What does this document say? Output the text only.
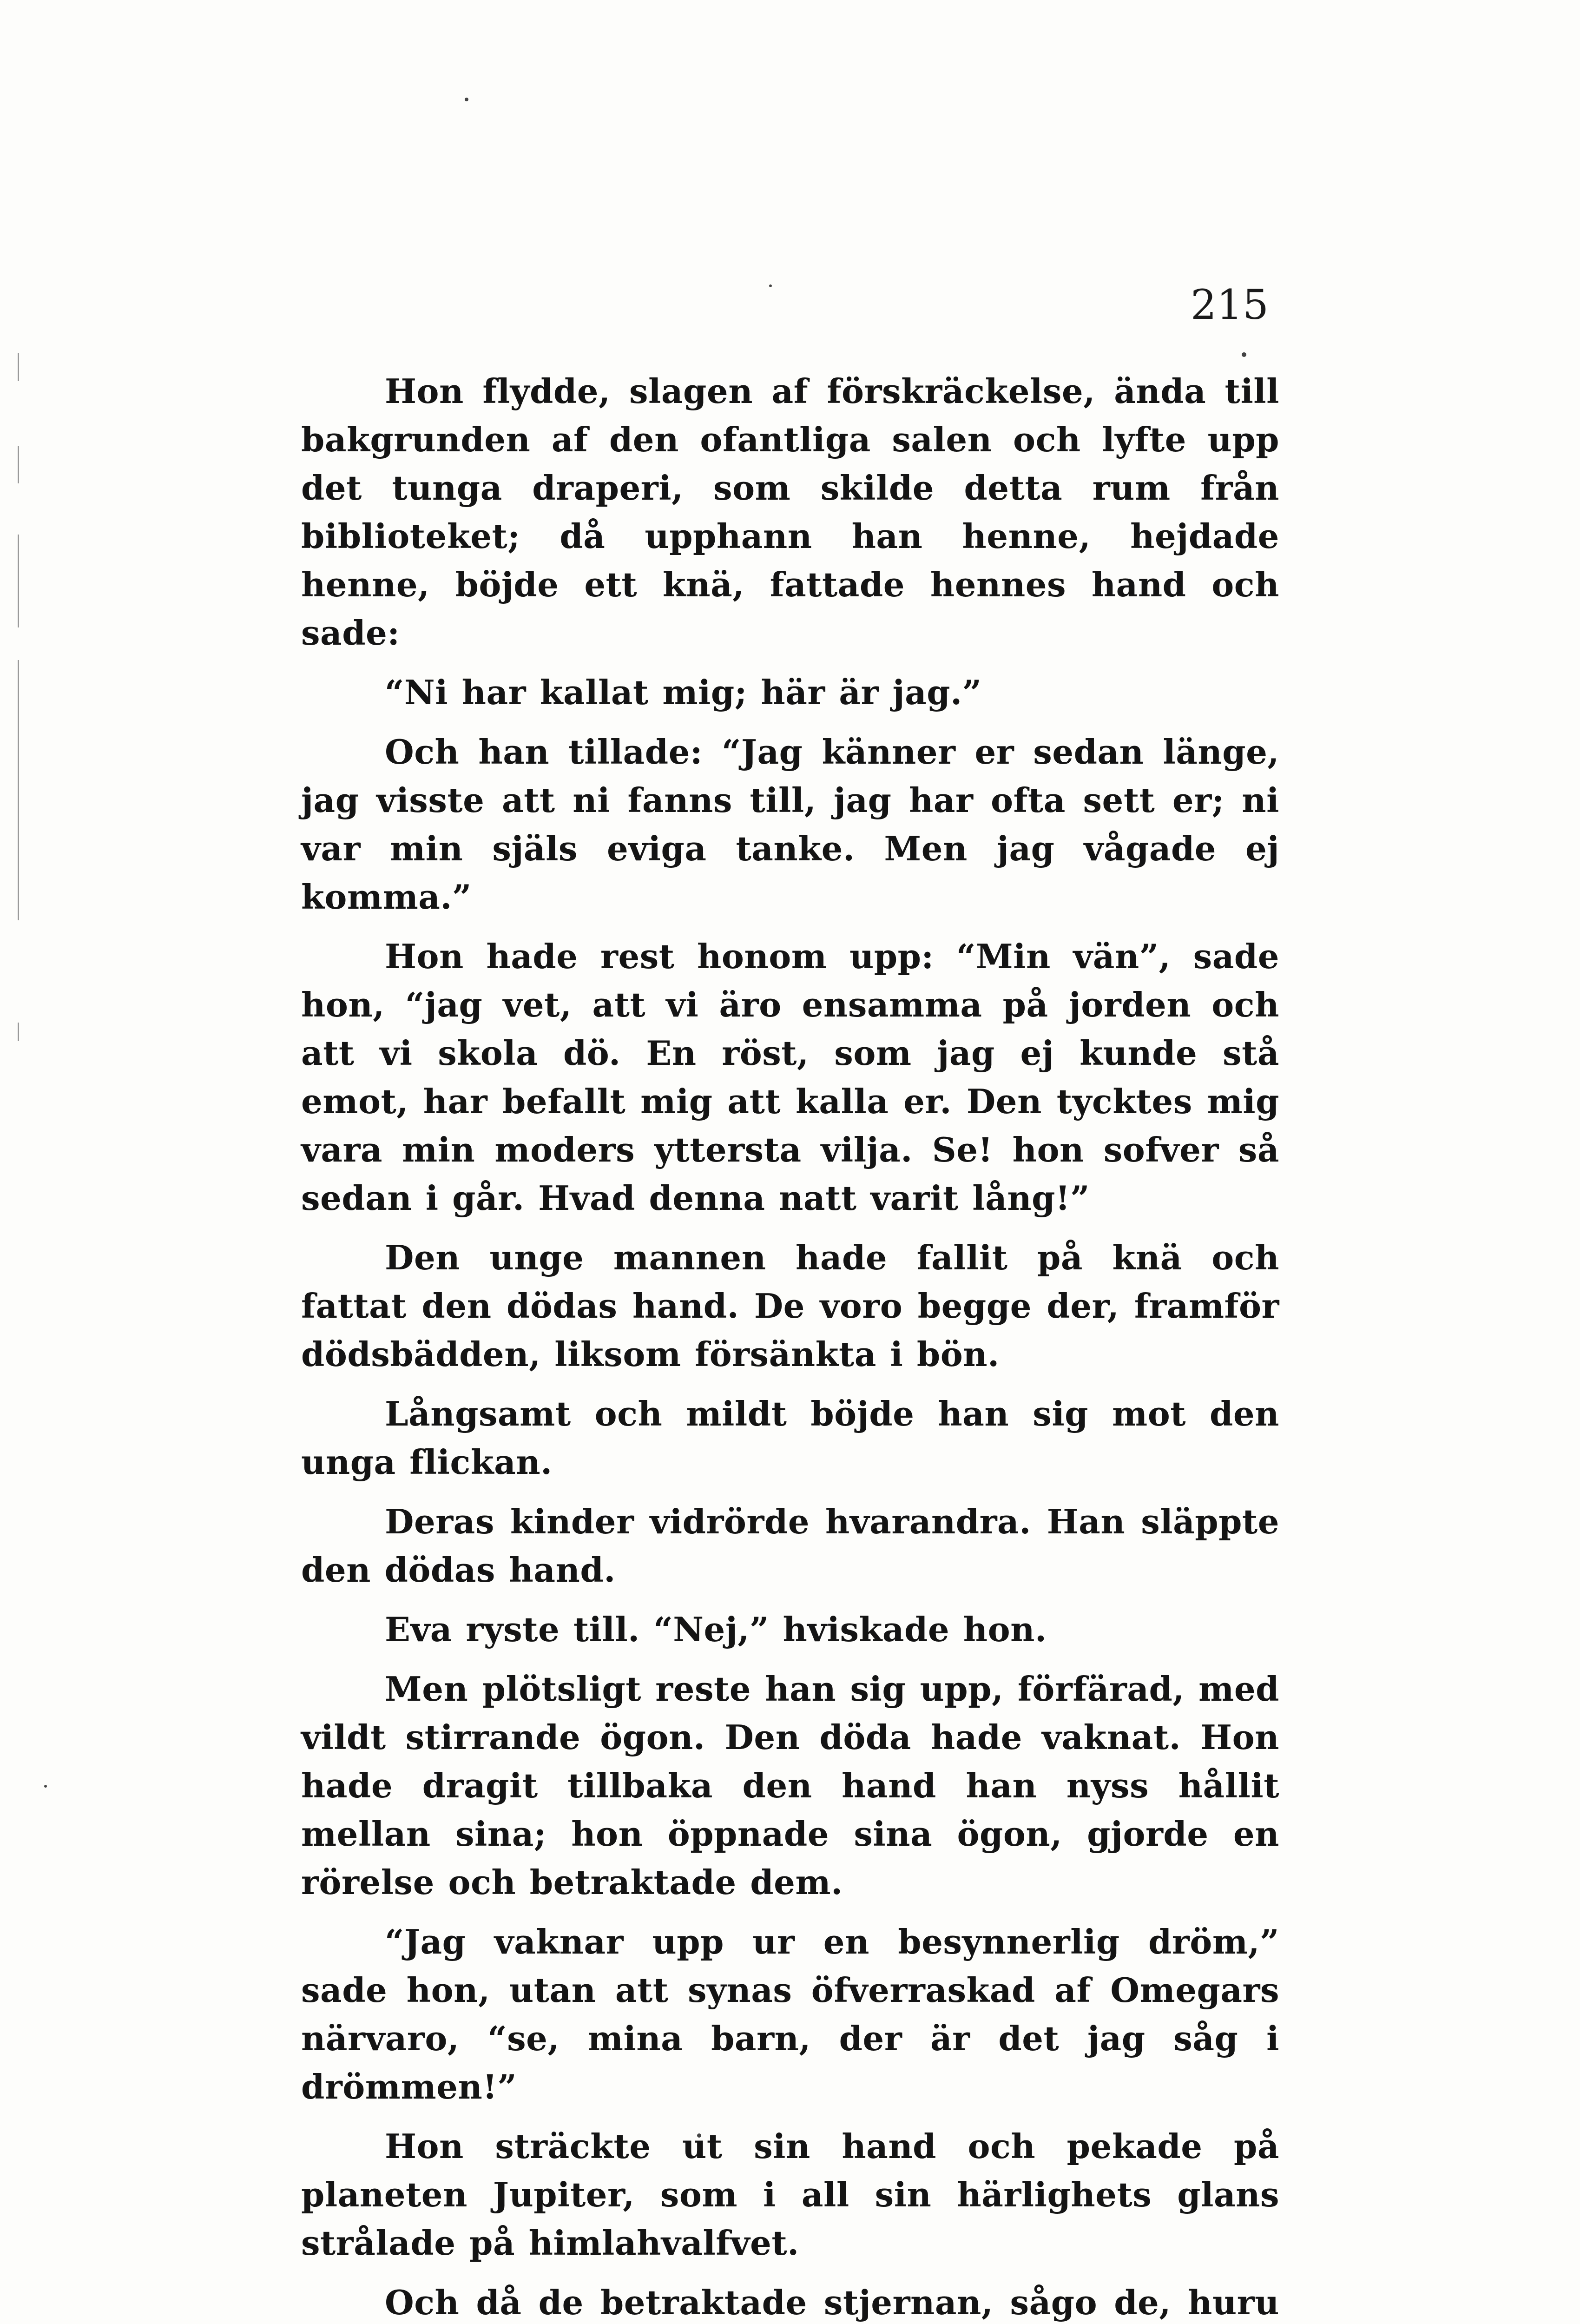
215

Hon flydde, slagen af förskräckelse, ända till bakgrunden af den ofantliga salen och lyfte upp det tunga draperi, som skilde detta rum från biblioteket; då upphann han henne, hejdade henne, böjde ett knä, fattade hennes hand och sade:

“Ni har kallat mig; här är jag.”

Och han tillade: “Jag känner er sedan länge, jag visste att ni fanns till, jag har ofta sett er; ni var min själs eviga tanke. Men jag vågade ej komma.”

Hon hade rest honom upp: “Min vän”, sade hon, “jag vet, att vi äro ensamma på jorden och att vi skola dö. En röst, som jag ej kunde stå emot, har befallt mig att kalla er. Den tycktes mig vara min moders yttersta vilja. Se! hon sofver så sedan i går. Hvad denna natt varit lång!”

Den unge mannen hade fallit på knä och fattat den dödas hand. De voro begge der, framför dödsbädden, liksom försänkta i bön.

Långsamt och mildt böjde han sig mot den unga flickan.

Deras kinder vidrörde hvarandra. Han släppte den dödas hand.

Eva ryste till. “Nej,” hviskade hon.

Men plötsligt reste han sig upp, förfärad, med vildt stirrande ögon. Den döda hade vaknat. Hon hade dragit tillbaka den hand han nyss hållit mellan sina; hon öppnade sina ögon, gjorde en rörelse och betraktade dem.

“Jag vaknar upp ur en besynnerlig dröm,” sade hon, utan att synas öfverraskad af Omegars närvaro, “se, mina barn, der är det jag såg i drömmen!”

Hon sträckte ut sin hand och pekade på planeten Jupiter, som i all sin härlighets glans strålade på himlahvalfvet.

Och då de betraktade stjernan, sågo de, huru
